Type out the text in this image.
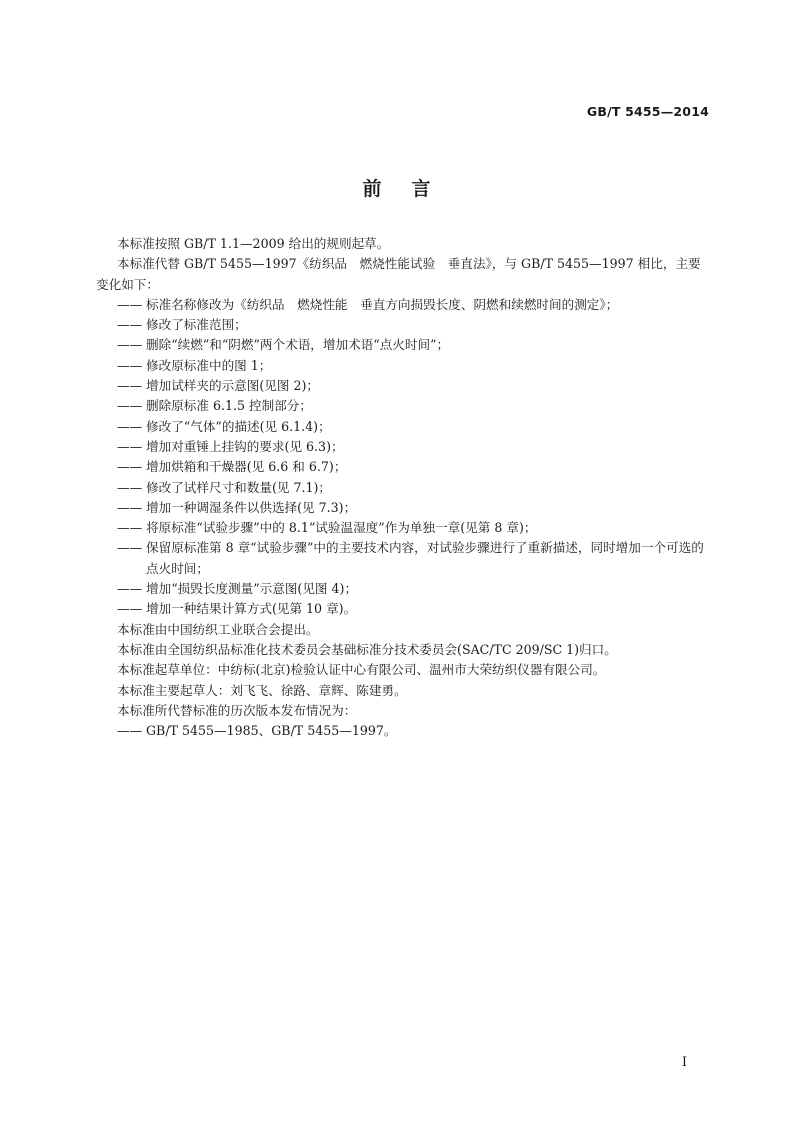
GB/T 5455—2014
前言

本标准按照 GB/T 1.1—2009 给出的规则起草。

本标准代替 GB/T 5455—1997《纺织品　燃烧性能试验　垂直法》，与 GB/T 5455—1997 相比，主要变化如下：

—— 标准名称修改为《纺织品　燃烧性能　垂直方向损毁长度、阴燃和续燃时间的测定》；

—— 修改了标准范围；

—— 删除“续燃”和“阴燃”两个术语，增加术语“点火时间”；

—— 修改原标准中的图 1；

—— 增加试样夹的示意图(见图 2)；

—— 删除原标准 6.1.5 控制部分；

—— 修改了“气体”的描述(见 6.1.4)；

—— 增加对重锤上挂钩的要求(见 6.3)；

—— 增加烘箱和干燥器(见 6.6 和 6.7)；

—— 修改了试样尺寸和数量(见 7.1)；

—— 增加一种调湿条件以供选择(见 7.3)；

—— 将原标准“试验步骤”中的 8.1“试验温湿度”作为单独一章(见第 8 章)；

—— 保留原标准第 8 章“试验步骤”中的主要技术内容，对试验步骤进行了重新描述，同时增加一个可选的点火时间；

—— 增加“损毁长度测量”示意图(见图 4)；

—— 增加一种结果计算方式(见第 10 章)。

本标准由中国纺织工业联合会提出。

本标准由全国纺织品标准化技术委员会基础标准分技术委员会(SAC/TC 209/SC 1)归口。

本标准起草单位：中纺标(北京)检验认证中心有限公司、温州市大荣纺织仪器有限公司。

本标准主要起草人：刘飞飞、徐路、章辉、陈建勇。

本标准所代替标准的历次版本发布情况为：

—— GB/T 5455—1985、GB/T 5455—1997。

I
